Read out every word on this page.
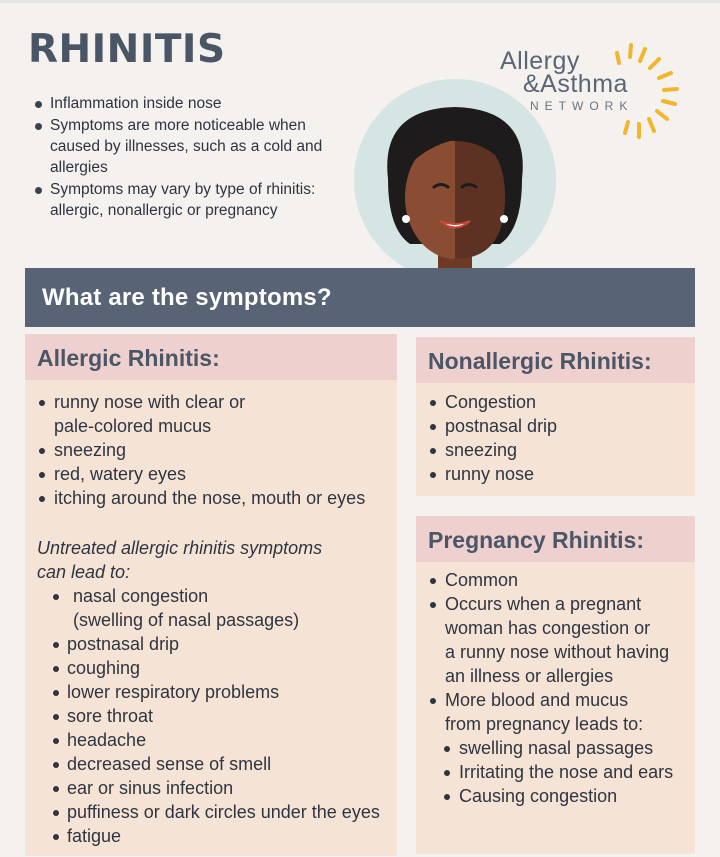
RHINITIS
Inflammation inside nose
Symptoms are more noticeable when caused by illnesses, such as a cold and allergies
Symptoms may vary by type of rhinitis: allergic, nonallergic or pregnancy
Allergy
&Asthma
NETWORK
What are the symptoms?
Allergic Rhinitis:
runny nose with clear or
pale-colored mucus
sneezing
red, watery eyes
itching around the nose, mouth or eyes
Untreated allergic rhinitis symptoms
can lead to:
nasal congestion
(swelling of nasal passages)
postnasal drip
coughing
lower respiratory problems
sore throat
headache
decreased sense of smell
ear or sinus infection
puffiness or dark circles under the eyes
fatigue
Nonallergic Rhinitis:
Congestion
postnasal drip
sneezing
runny nose
Pregnancy Rhinitis:
Common
Occurs when a pregnant
woman has congestion or
a runny nose without having
an illness or allergies
More blood and mucus
from pregnancy leads to:
swelling nasal passages
Irritating the nose and ears
Causing congestion
